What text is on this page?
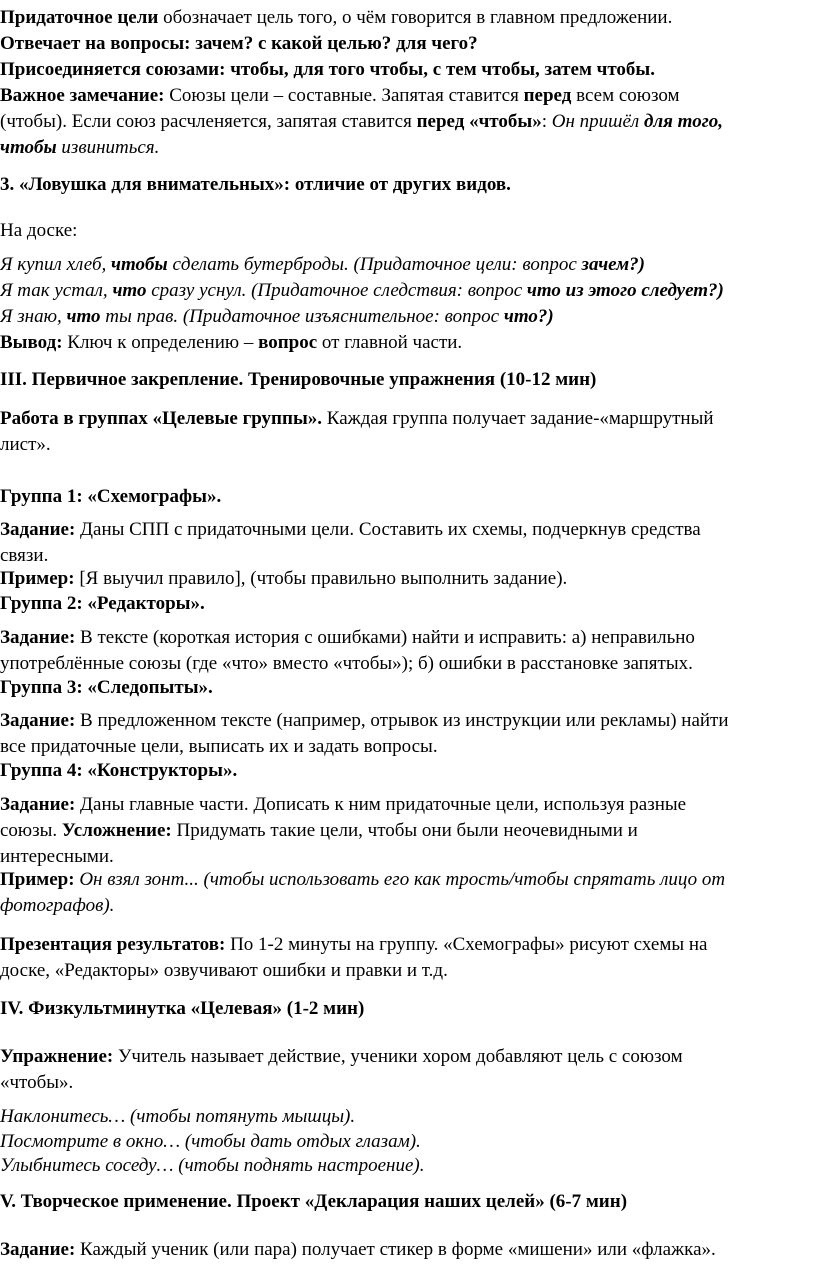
Придаточное цели обозначает цель того, о чём говорится в главном предложении.
Отвечает на вопросы: зачем? с какой целью? для чего?
Присоединяется союзами: чтобы, для того чтобы, с тем чтобы, затем чтобы.
Важное замечание: Союзы цели – составные. Запятая ставится перед всем союзом
(чтобы). Если союз расчленяется, запятая ставится перед «чтобы»: Он пришёл для того,
чтобы извиниться.
3. «Ловушка для внимательных»: отличие от других видов.
На доске:
Я купил хлеб, чтобы сделать бутерброды. (Придаточное цели: вопрос зачем?)
Я так устал, что сразу уснул. (Придаточное следствия: вопрос что из этого следует?)
Я знаю, что ты прав. (Придаточное изъяснительное: вопрос что?)
Вывод: Ключ к определению – вопрос от главной части.
III. Первичное закрепление. Тренировочные упражнения (10-12 мин)
Работа в группах «Целевые группы». Каждая группа получает задание-«маршрутный
лист».
Группа 1: «Схемографы».
Задание: Даны СПП с придаточными цели. Составить их схемы, подчеркнув средства
связи.
Пример: [Я выучил правило], (чтобы правильно выполнить задание).
Группа 2: «Редакторы».
Задание: В тексте (короткая история с ошибками) найти и исправить: а) неправильно
употреблённые союзы (где «что» вместо «чтобы»); б) ошибки в расстановке запятых.
Группа 3: «Следопыты».
Задание: В предложенном тексте (например, отрывок из инструкции или рекламы) найти
все придаточные цели, выписать их и задать вопросы.
Группа 4: «Конструкторы».
Задание: Даны главные части. Дописать к ним придаточные цели, используя разные
союзы. Усложнение: Придумать такие цели, чтобы они были неочевидными и
интересными.
Пример: Он взял зонт... (чтобы использовать его как трость/чтобы спрятать лицо от
фотографов).
Презентация результатов: По 1-2 минуты на группу. «Схемографы» рисуют схемы на
доске, «Редакторы» озвучивают ошибки и правки и т.д.
IV. Физкультминутка «Целевая» (1-2 мин)
Упражнение: Учитель называет действие, ученики хором добавляют цель с союзом
«чтобы».
Наклонитесь… (чтобы потянуть мышцы).
Посмотрите в окно… (чтобы дать отдых глазам).
Улыбнитесь соседу… (чтобы поднять настроение).
V. Творческое применение. Проект «Декларация наших целей» (6-7 мин)
Задание: Каждый ученик (или пара) получает стикер в форме «мишени» или «флажка».
